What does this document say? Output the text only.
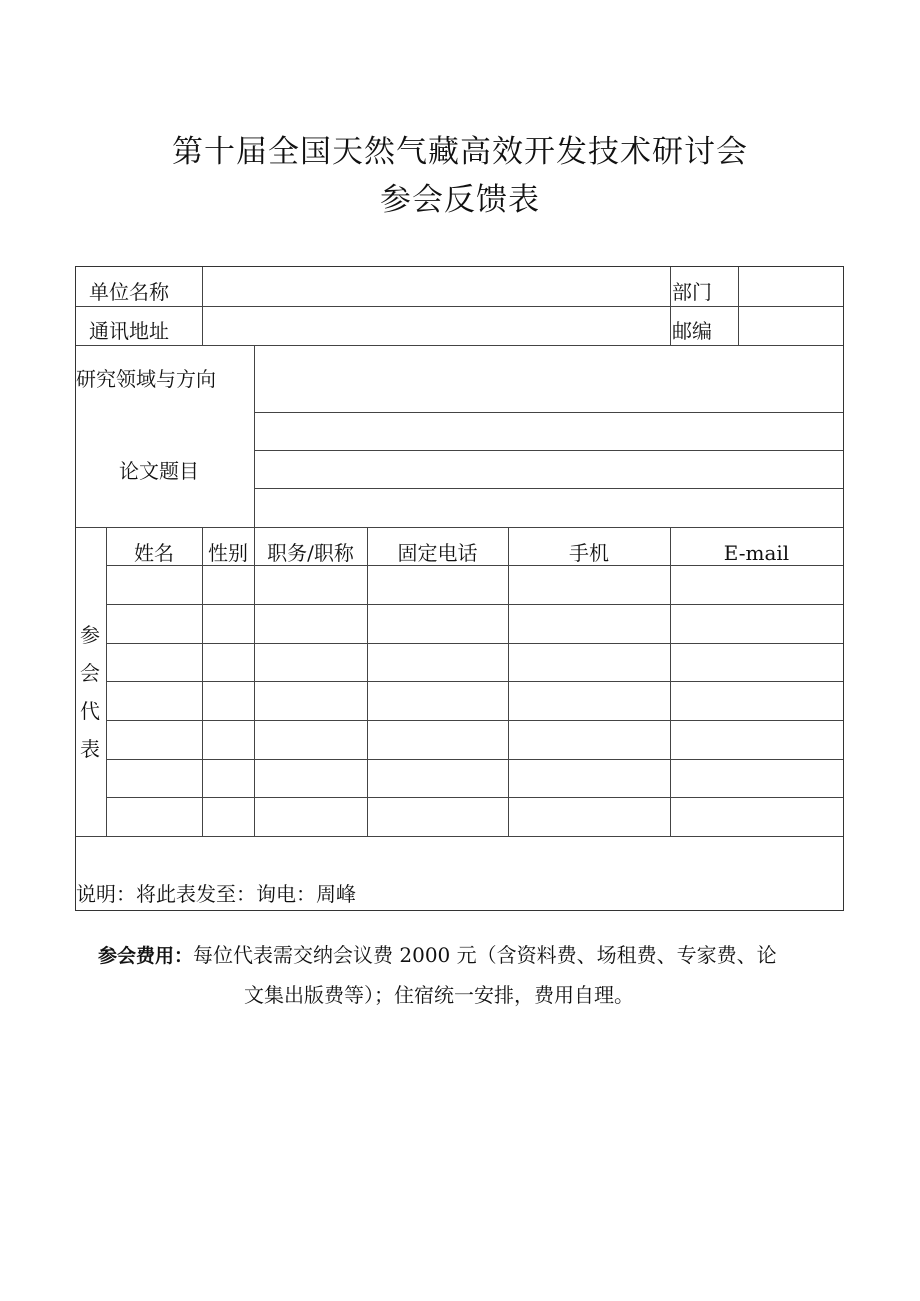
第十届全国天然气藏高效开发技术研讨会
参会反馈表
单位名称	部门
通讯地址	邮编
研究领域与方向
论文题目
参
会
代
表
姓名	性别 职务/职称	固定电话	手机	E-mail
说明：将此表发至：询电：周峰
参会费用：每位代表需交纳会议费 2000 元（含资料费、场租费、专家费、论
文集出版费等）；住宿统一安排，费用自理。
